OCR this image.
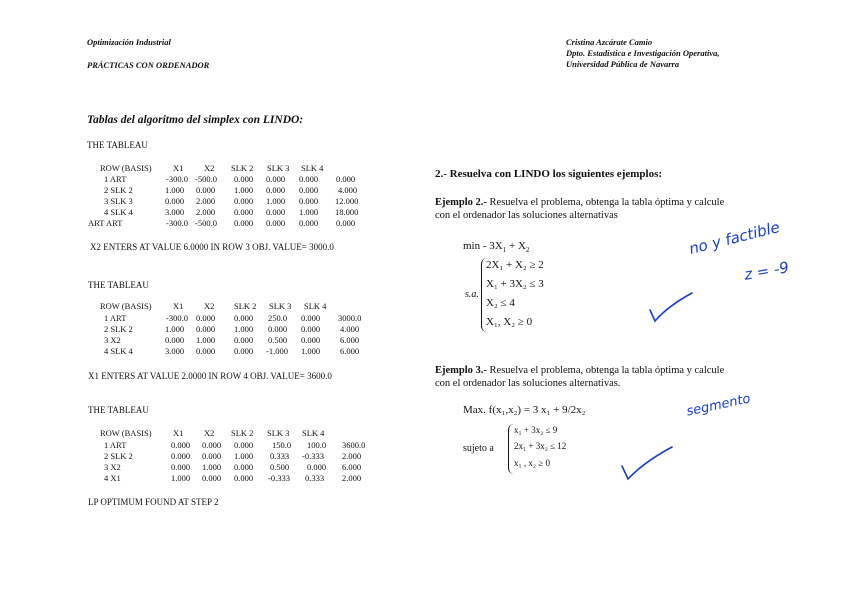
Optimización Industrial
PRÁCTICAS CON ORDENADOR
Cristina Azcárate Camio
Dpto. Estadística e Investigación Operativa,
Universidad Pública de Navarra
Tablas del algoritmo del simplex con LINDO:
THE TABLEAU
ROW (BASIS)	X1 X2 SLK 2 SLK 3 SLK 4
1 ART	-300.0 -500.0 0.000 0.000 0.000 0.000
2 SLK 2	1.000 0.000 1.000 0.000 0.000 4.000
3 SLK 3	0.000 2.000 0.000 1.000 0.000 12.000
4 SLK 4	3.000 2.000 0.000 0.000 1.000 18.000
ART ART	-300.0 -500.0 0.000 0.000 0.000 0.000
X2 ENTERS AT VALUE 6.0000 IN ROW 3 OBJ. VALUE= 3000.0
THE TABLEAU
ROW (BASIS)	X1 X2 SLK 2 SLK 3 SLK 4
1 ART	-300.0 0.000 0.000 250.0 0.000 3000.0
2 SLK 2	1.000 0.000 1.000 0.000 0.000 4.000
3 X2	0.000 1.000 0.000 0.500 0.000 6.000
4 SLK 4	3.000 0.000 0.000 -1.000 1.000 6.000
X1 ENTERS AT VALUE 2.0000 IN ROW 4 OBJ. VALUE= 3600.0
THE TABLEAU
ROW (BASIS)	X1 X2 SLK 2 SLK 3 SLK 4
1 ART	0.000 0.000 0.000 150.0 100.0 3600.0
2 SLK 2	0.000 0.000 1.000 0.333 -0.333 2.000
3 X2	0.000 1.000 0.000 0.500 0.000 6.000
4 X1	1.000 0.000 0.000 -0.333 0.333 2.000
LP OPTIMUM FOUND AT STEP 2
2.- Resuelva con LINDO los siguientes ejemplos:
Ejemplo 2.- Resuelva el problema, obtenga la tabla óptima y calcule
con el ordenador las soluciones alternativas
$\min - 3X_1 + X_2$
s.a.
2X₁ + X₂ ≥ 2
X₁ + 3X₂ ≤ 3
X₂ ≤ 4
X₁, X₂ ≥ 0
Ejemplo 3.- Resuelva el problema, obtenga la tabla óptima y calcule
con el ordenador las soluciones alternativas.
Max. f(x₁,x₂) = 3 x₁ + 9/2x₂
sujeto a
x₁ + 3x₂ ≤ 9
2x₁ + 3x₂ ≤ 12
x₁ , x₂ ≥ 0
no y factible
z = -9
segmento
